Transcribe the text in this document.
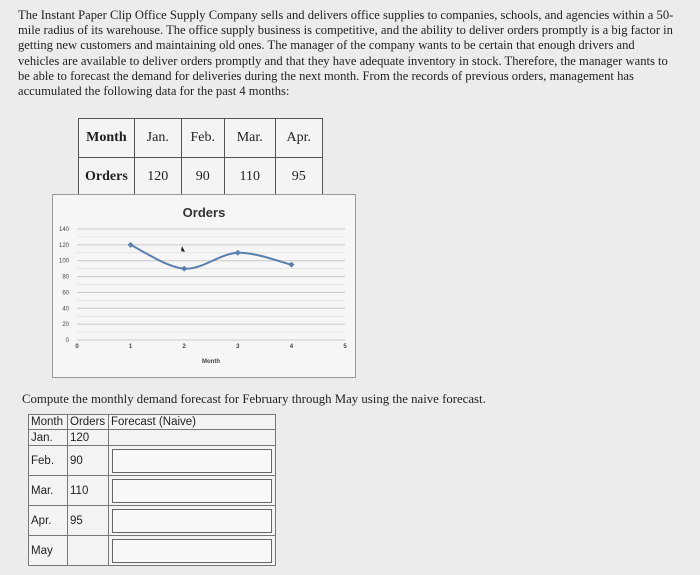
The Instant Paper Clip Office Supply Company sells and delivers office supplies to companies, schools, and agencies within a 50-mile radius of its warehouse. The office supply business is competitive, and the ability to deliver orders promptly is a big factor in getting new customers and maintaining old ones. The manager of the company wants to be certain that enough drivers and vehicles are available to deliver orders promptly and that they have adequate inventory in stock. Therefore, the manager wants to be able to forecast the demand for deliveries during the next month. From the records of previous orders, management has accumulated the following data for the past 4 months:

Month	Jan.	Feb.	Mar.	Apr.
Orders	120	90	110	95
Orders
0
20
40
60
80
100
120
140
0	1	2	3	4	5
Month

Compute the monthly demand forecast for February through May using the naive forecast.

Month	Orders	Forecast (Naive)
Jan.	120	
Feb.	90	

Mar.	110	

Apr.	95	

May		
